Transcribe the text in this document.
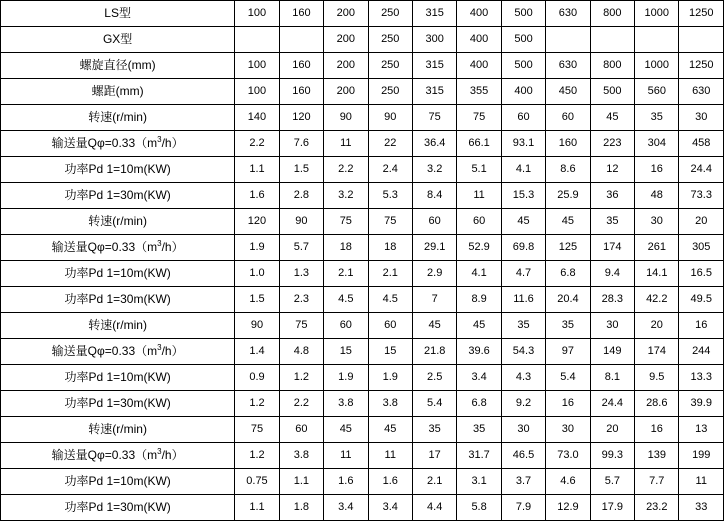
LS型	100	160	200	250	315	400	500	630	800	1000	1250
GX型			200	250	300	400	500				
螺旋直径(mm)	100	160	200	250	315	400	500	630	800	1000	1250
螺距(mm)	100	160	200	250	315	355	400	450	500	560	630
转速(r/min)	140	120	90	90	75	75	60	60	45	35	30
输送量$Q\varphi=0.33(m^3/h)$	2.2	7.6	11	22	36.4	66.1	93.1	160	223	304	458
功率Pd 1=10m(KW)	1.1	1.5	2.2	2.4	3.2	5.1	4.1	8.6	12	16	24.4
功率Pd 1=30m(KW)	1.6	2.8	3.2	5.3	8.4	11	15.3	25.9	36	48	73.3
转速(r/min)	120	90	75	75	60	60	45	45	35	30	20
输送量$Q\varphi=0.33(m^3/h)$	1.9	5.7	18	18	29.1	52.9	69.8	125	174	261	305
功率Pd 1=10m(KW)	1.0	1.3	2.1	2.1	2.9	4.1	4.7	6.8	9.4	14.1	16.5
功率Pd 1=30m(KW)	1.5	2.3	4.5	4.5	7	8.9	11.6	20.4	28.3	42.2	49.5
转速(r/min)	90	75	60	60	45	45	35	35	30	20	16
输送量$Q\varphi=0.33(m^3/h)$	1.4	4.8	15	15	21.8	39.6	54.3	97	149	174	244
功率Pd 1=10m(KW)	0.9	1.2	1.9	1.9	2.5	3.4	4.3	5.4	8.1	9.5	13.3
功率Pd 1=30m(KW)	1.2	2.2	3.8	3.8	5.4	6.8	9.2	16	24.4	28.6	39.9
转速(r/min)	75	60	45	45	35	35	30	30	20	16	13
输送量$Q\varphi=0.33(m^3/h)$	1.2	3.8	11	11	17	31.7	46.5	73.0	99.3	139	199
功率Pd 1=10m(KW)	0.75	1.1	1.6	1.6	2.1	3.1	3.7	4.6	5.7	7.7	11
功率Pd 1=30m(KW)	1.1	1.8	3.4	3.4	4.4	5.8	7.9	12.9	17.9	23.2	33
